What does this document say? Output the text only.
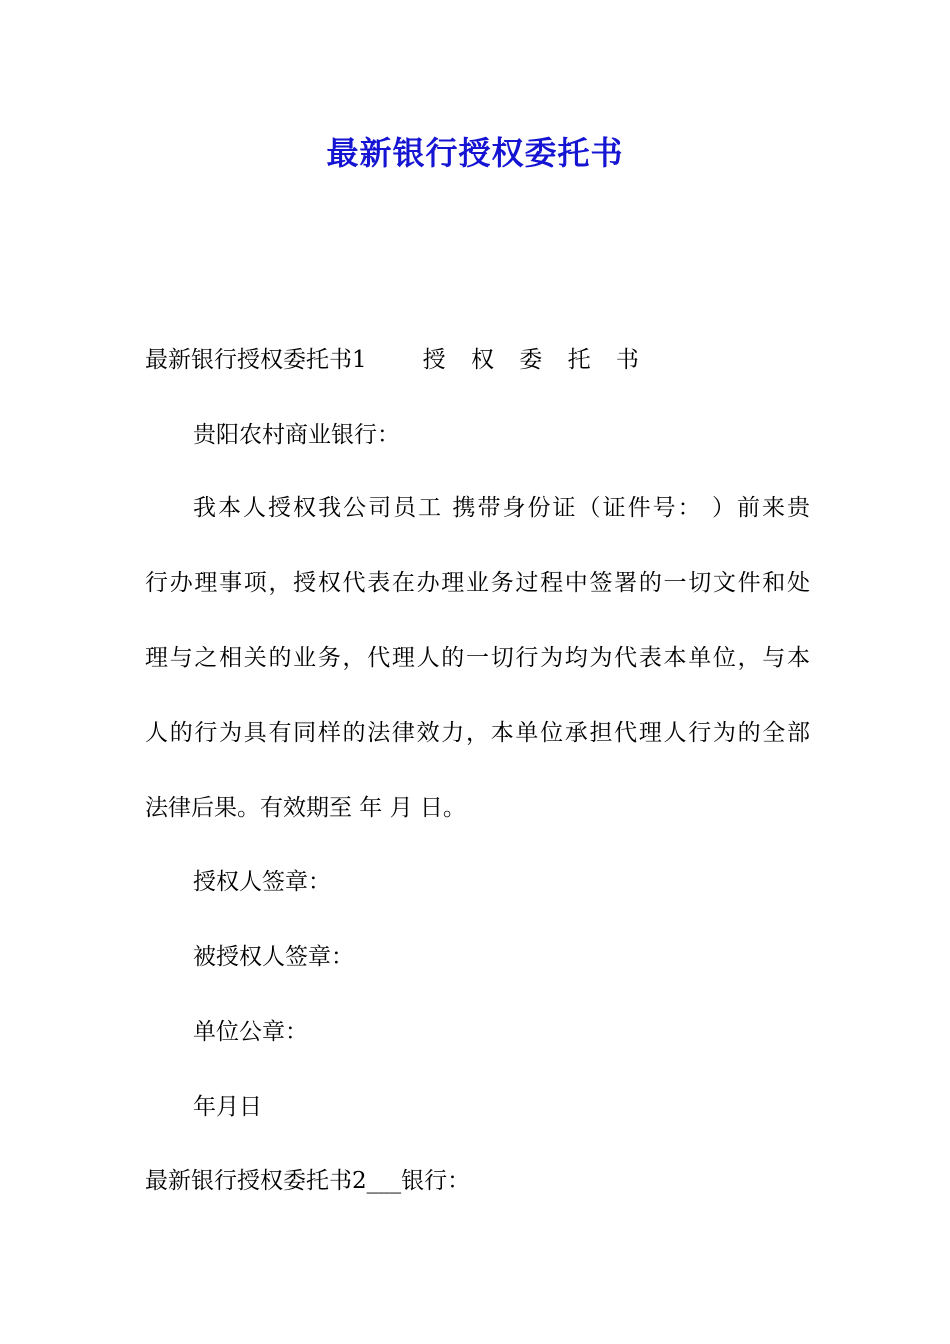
最新银行授权委托书
最新银行授权委托书1 授 权 委 托 书
贵阳农村商业银行：
我本人授权我公司员工 携带身份证（证件号： ）前来贵
行办理事项，授权代表在办理业务过程中签署的一切文件和处
理与之相关的业务，代理人的一切行为均为代表本单位，与本
人的行为具有同样的法律效力，本单位承担代理人行为的全部
法律后果。有效期至 年 月 日。
授权人签章：
被授权人签章：
单位公章：
年月日
最新银行授权委托书2___银行：
